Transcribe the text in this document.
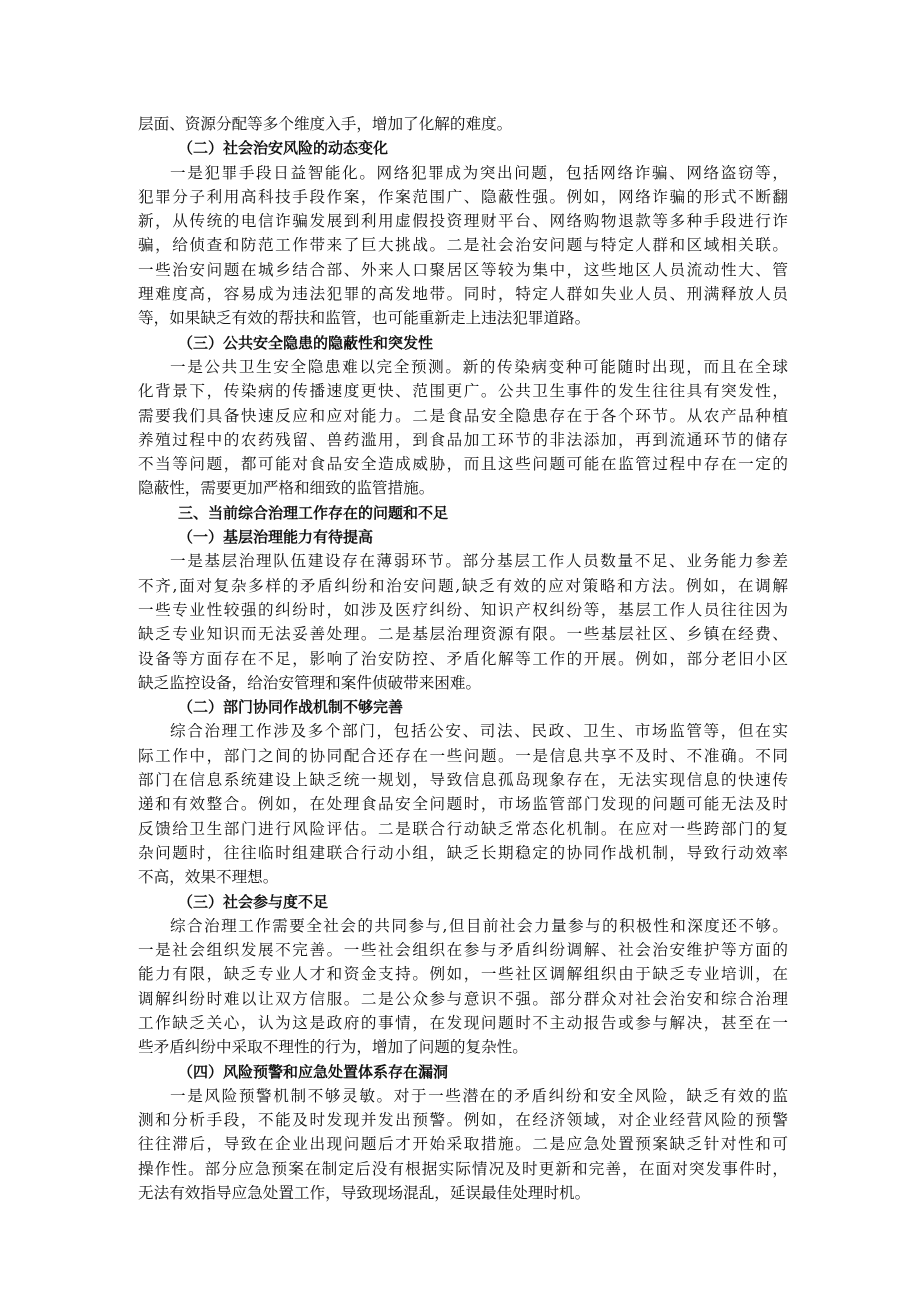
层面、资源分配等多个维度入手，增加了化解的难度。
（二）社会治安风险的动态变化
一是犯罪手段日益智能化。网络犯罪成为突出问题，包括网络诈骗、网络盗窃等，
犯罪分子利用高科技手段作案，作案范围广、隐蔽性强。例如，网络诈骗的形式不断翻
新，从传统的电信诈骗发展到利用虚假投资理财平台、网络购物退款等多种手段进行诈
骗，给侦查和防范工作带来了巨大挑战。二是社会治安问题与特定人群和区域相关联。
一些治安问题在城乡结合部、外来人口聚居区等较为集中，这些地区人员流动性大、管
理难度高，容易成为违法犯罪的高发地带。同时，特定人群如失业人员、刑满释放人员
等，如果缺乏有效的帮扶和监管，也可能重新走上违法犯罪道路。
（三）公共安全隐患的隐蔽性和突发性
一是公共卫生安全隐患难以完全预测。新的传染病变种可能随时出现，而且在全球
化背景下，传染病的传播速度更快、范围更广。公共卫生事件的发生往往具有突发性，
需要我们具备快速反应和应对能力。二是食品安全隐患存在于各个环节。从农产品种植
养殖过程中的农药残留、兽药滥用，到食品加工环节的非法添加，再到流通环节的储存
不当等问题，都可能对食品安全造成威胁，而且这些问题可能在监管过程中存在一定的
隐蔽性，需要更加严格和细致的监管措施。
三、当前综合治理工作存在的问题和不足
（一）基层治理能力有待提高
一是基层治理队伍建设存在薄弱环节。部分基层工作人员数量不足、业务能力参差
不齐,面对复杂多样的矛盾纠纷和治安问题,缺乏有效的应对策略和方法。例如，在调解
一些专业性较强的纠纷时，如涉及医疗纠纷、知识产权纠纷等，基层工作人员往往因为
缺乏专业知识而无法妥善处理。二是基层治理资源有限。一些基层社区、乡镇在经费、
设备等方面存在不足，影响了治安防控、矛盾化解等工作的开展。例如，部分老旧小区
缺乏监控设备，给治安管理和案件侦破带来困难。
（二）部门协同作战机制不够完善
综合治理工作涉及多个部门，包括公安、司法、民政、卫生、市场监管等，但在实
际工作中，部门之间的协同配合还存在一些问题。一是信息共享不及时、不准确。不同
部门在信息系统建设上缺乏统一规划，导致信息孤岛现象存在，无法实现信息的快速传
递和有效整合。例如，在处理食品安全问题时，市场监管部门发现的问题可能无法及时
反馈给卫生部门进行风险评估。二是联合行动缺乏常态化机制。在应对一些跨部门的复
杂问题时，往往临时组建联合行动小组，缺乏长期稳定的协同作战机制，导致行动效率
不高，效果不理想。
（三）社会参与度不足
综合治理工作需要全社会的共同参与,但目前社会力量参与的积极性和深度还不够。
一是社会组织发展不完善。一些社会组织在参与矛盾纠纷调解、社会治安维护等方面的
能力有限，缺乏专业人才和资金支持。例如，一些社区调解组织由于缺乏专业培训，在
调解纠纷时难以让双方信服。二是公众参与意识不强。部分群众对社会治安和综合治理
工作缺乏关心，认为这是政府的事情，在发现问题时不主动报告或参与解决，甚至在一
些矛盾纠纷中采取不理性的行为，增加了问题的复杂性。
（四）风险预警和应急处置体系存在漏洞
一是风险预警机制不够灵敏。对于一些潜在的矛盾纠纷和安全风险，缺乏有效的监
测和分析手段，不能及时发现并发出预警。例如，在经济领域，对企业经营风险的预警
往往滞后，导致在企业出现问题后才开始采取措施。二是应急处置预案缺乏针对性和可
操作性。部分应急预案在制定后没有根据实际情况及时更新和完善，在面对突发事件时，
无法有效指导应急处置工作，导致现场混乱，延误最佳处理时机。
